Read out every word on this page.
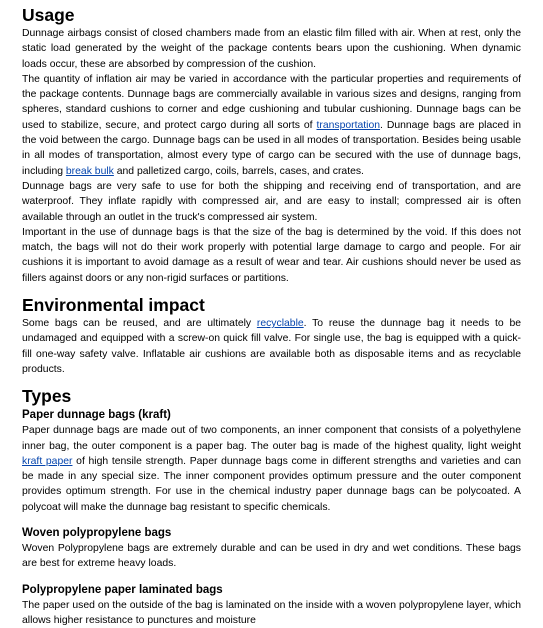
Usage

Dunnage airbags consist of closed chambers made from an elastic film filled with air. When at rest, only the static load generated by the weight of the package contents bears upon the cushioning. When dynamic loads occur, these are absorbed by compression of the cushion.

The quantity of inflation air may be varied in accordance with the particular properties and requirements of the package contents. Dunnage bags are commercially available in various sizes and designs, ranging from spheres, standard cushions to corner and edge cushioning and tubular cushioning. Dunnage bags can be used to stabilize, secure, and protect cargo during all sorts of transportation. Dunnage bags are placed in the void between the cargo. Dunnage bags can be used in all modes of transportation. Besides being usable in all modes of transportation, almost every type of cargo can be secured with the use of dunnage bags, including break bulk and palletized cargo, coils, barrels, cases, and crates.

Dunnage bags are very safe to use for both the shipping and receiving end of transportation, and are waterproof. They inflate rapidly with compressed air, and are easy to install; compressed air is often available through an outlet in the truck's compressed air system.

Important in the use of dunnage bags is that the size of the bag is determined by the void. If this does not match, the bags will not do their work properly with potential large damage to cargo and people. For air cushions it is important to avoid damage as a result of wear and tear. Air cushions should never be used as fillers against doors or any non-rigid surfaces or partitions.

Environmental impact

Some bags can be reused, and are ultimately recyclable. To reuse the dunnage bag it needs to be undamaged and equipped with a screw-on quick fill valve. For single use, the bag is equipped with a quick-fill one-way safety valve. Inflatable air cushions are available both as disposable items and as recyclable products.

Types
Paper dunnage bags (kraft)

Paper dunnage bags are made out of two components, an inner component that consists of a polyethylene inner bag, the outer component is a paper bag. The outer bag is made of the highest quality, light weight kraft paper of high tensile strength. Paper dunnage bags come in different strengths and varieties and can be made in any special size. The inner component provides optimum pressure and the outer component provides optimum strength. For use in the chemical industry paper dunnage bags can be polycoated. A polycoat will make the dunnage bag resistant to specific chemicals.

Woven polypropylene bags

Woven Polypropylene bags are extremely durable and can be used in dry and wet conditions. These bags are best for extreme heavy loads.

Polypropylene paper laminated bags

The paper used on the outside of the bag is laminated on the inside with a woven polypropylene layer, which allows higher resistance to punctures and moisture
